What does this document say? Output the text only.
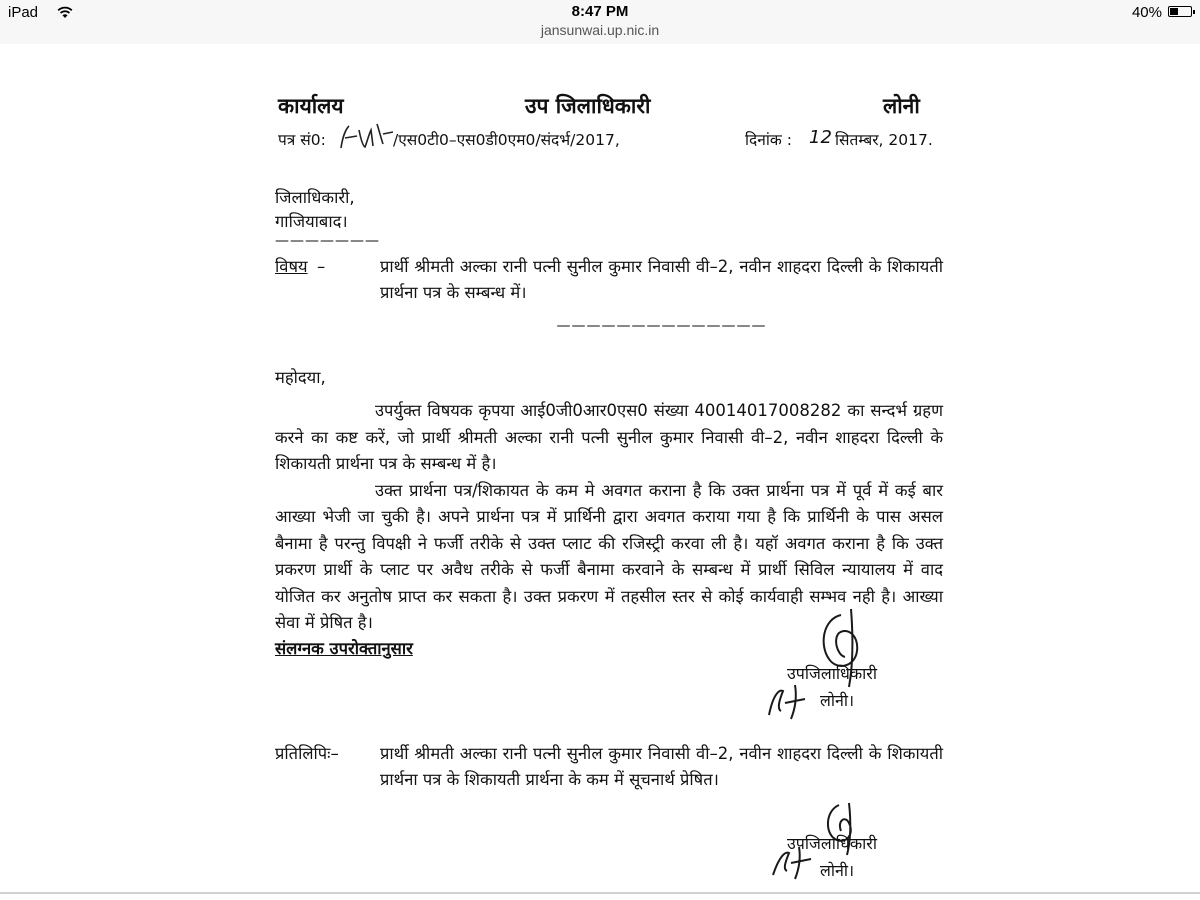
iPad	8:47 PM
jansunwai.up.nic.in
40%
कार्यालय	उप जिलाधिकारी	लोनी
पत्र सं0:	/एस0टी0–एस0डी0एम0/संदर्भ/2017,	दिनांक : 12 सितम्बर, 2017.
जिलाधिकारी,
गाजियाबाद।
———————
विषय –	प्रार्थी श्रीमती अल्का रानी पत्नी सुनील कुमार निवासी वी–2, नवीन शाहदरा दिल्ली के शिकायती प्रार्थना पत्र के सम्बन्ध में।
——————————————
महोदया,
उपर्युक्त विषयक कृपया आई0जी0आर0एस0 संख्या 40014017008282 का सन्दर्भ ग्रहण करने का कष्ट करें, जो प्रार्थी श्रीमती अल्का रानी पत्नी सुनील कुमार निवासी वी–2, नवीन शाहदरा दिल्ली के शिकायती प्रार्थना पत्र के सम्बन्ध में है।
उक्त प्रार्थना पत्र/शिकायत के कम मे अवगत कराना है कि उक्त प्रार्थना पत्र में पूर्व में कई बार आख्या भेजी जा चुकी है। अपने प्रार्थना पत्र में प्रार्थिनी द्वारा अवगत कराया गया है कि प्रार्थिनी के पास असल बैनामा है परन्तु विपक्षी ने फर्जी तरीके से उक्त प्लाट की रजिस्ट्री करवा ली है। यहॉ अवगत कराना है कि उक्त प्रकरण प्रार्थी के प्लाट पर अवैध तरीके से फर्जी बैनामा करवाने के सम्बन्ध में प्रार्थी सिविल न्यायालय में वाद योजित कर अनुतोष प्राप्त कर सकता है। उक्त प्रकरण में तहसील स्तर से कोई कार्यवाही सम्भव नही है। आख्या सेवा में प्रेषित है।
संलग्नक उपरोक्तानुसार
उपजिलाधिकारी
लोनी।
प्रतिलिपिः– प्रार्थी श्रीमती अल्का रानी पत्नी सुनील कुमार निवासी वी–2, नवीन शाहदरा दिल्ली के शिकायती प्रार्थना पत्र के शिकायती प्रार्थना के कम में सूचनार्थ प्रेषित।
उपजिलाधिकारी
लोनी।
